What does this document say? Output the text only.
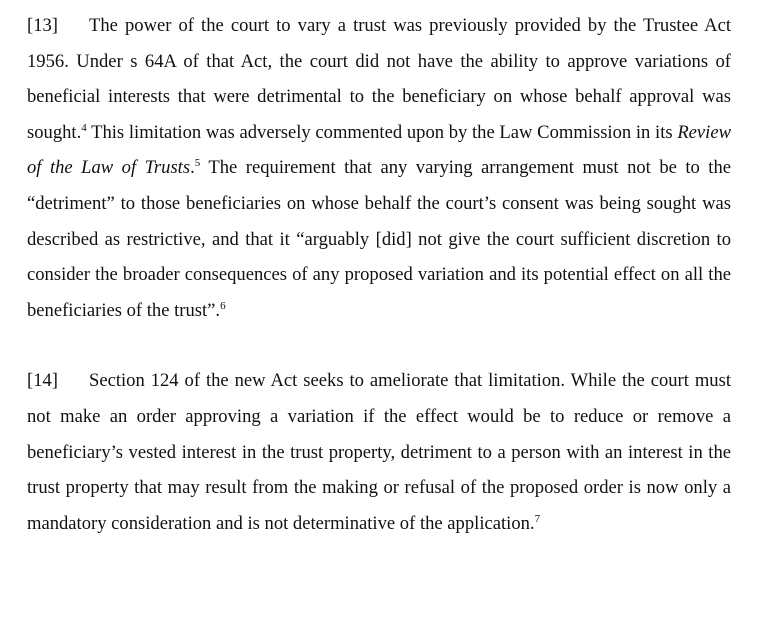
[13] The power of the court to vary a trust was previously provided by the Trustee Act 1956. Under s 64A of that Act, the court did not have the ability to approve variations of beneficial interests that were detrimental to the beneficiary on whose behalf approval was sought.$^4$ This limitation was adversely commented upon by the Law Commission in its Review of the Law of Trusts.$^5$ The requirement that any varying arrangement must not be to the “detriment” to those beneficiaries on whose behalf the court’s consent was being sought was described as restrictive, and that it “arguably [did] not give the court sufficient discretion to consider the broader consequences of any proposed variation and its potential effect on all the beneficiaries of the trust”.$^6$

[14] Section 124 of the new Act seeks to ameliorate that limitation. While the court must not make an order approving a variation if the effect would be to reduce or remove a beneficiary’s vested interest in the trust property, detriment to a person with an interest in the trust property that may result from the making or refusal of the proposed order is now only a mandatory consideration and is not determinative of the application.$^7$
